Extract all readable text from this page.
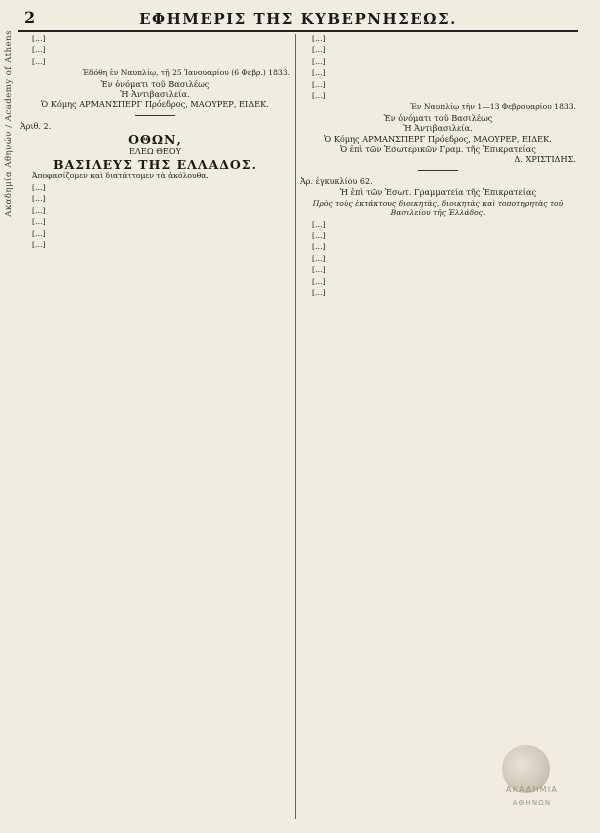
Ακαδημία Αθηνών / Academy of Athens
2	ΕΦΗΜΕΡΙΣ ΤΗΣ ΚΥΒΕΡΝΗΣΕΩΣ.

[…]

[…]

[…]

Ἐδόθη ἐν Ναυπλίῳ, τῇ 25 Ἰανουαρίου (6 Φεβρ.) 1833.

Ἐν ὀνόματι τοῦ Βασιλέως

Ἡ Ἀντιβασιλεία.

Ὁ Κόμης ΑΡΜΑΝΣΠΕΡΓ Πρόεδρος, ΜΑΟΥΡΕΡ, ΕΙΔΕΚ.

Ἀριθ. 2.

ΟΘΩΝ,

ΕΛΕΩ ΘΕΟΥ

ΒΑΣΙΛΕΥΣ ΤΗΣ ΕΛΛΑΔΟΣ.

Ἀποφασίζομεν καὶ διατάττομεν τὰ ἀκόλουθα.

[…]

[…]

[…]

[…]

[…]

[…]

[…]

[…]

[…]

[…]

[…]

[…]

Ἐν Ναυπλίῳ τὴν 1—13 Φεβρουαρίου 1833.

Ἐν ὀνόματι τοῦ Βασιλέως

Ἡ Ἀντιβασιλεία.

Ὁ Κόμης ΑΡΜΑΝΣΠΕΡΓ Πρόεδρος, ΜΑΟΥΡΕΡ, ΕΙΔΕΚ.

Ὁ ἐπὶ τῶν Ἐσωτερικῶν Γραμ. τῆς Ἐπικρατείας

Δ. ΧΡΙΣΤΙΔΗΣ.

Ἀρ. ἐγκυκλίου 62.

Ἡ ἐπὶ τῶν Ἐσωτ. Γραμματεία τῆς Ἐπικρατείας

Πρὸς τοὺς ἐκτάκτους διοικητὰς, διοικητὰς καὶ τοποτηρητὰς τοῦ Βασιλείου τῆς Ἑλλάδος.

[…]

[…]

[…]

[…]

[…]

[…]

[…]

ΑΚΑΔΗΜΙΑ
ΑΘΗΝΩΝ
